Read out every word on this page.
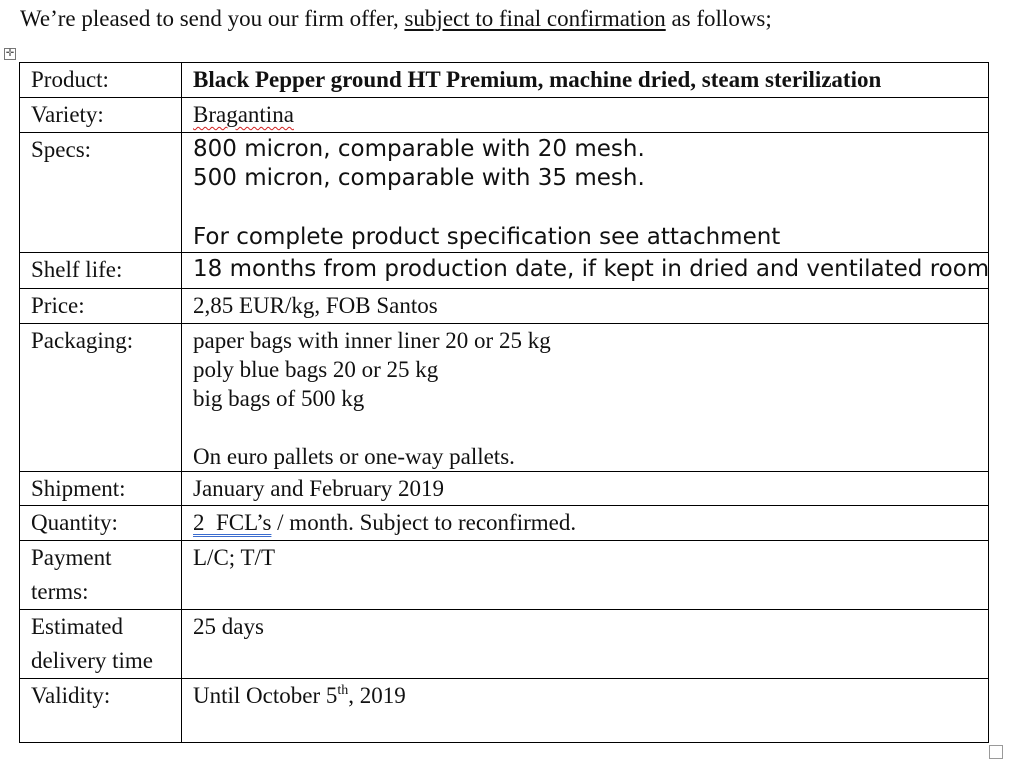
We’re pleased to send you our firm offer, subject to final confirmation as follows;
✛
Product:	Black Pepper ground HT Premium, machine dried, steam sterilization
Variety:	Bragantina
Specs:	800 micron, comparable with 20 mesh.
500 micron, comparable with 35 mesh.
For complete product specification see attachment

Shelf life:	18 months from production date, if kept in dried and ventilated room
Price:	2,85 EUR/kg, FOB Santos
Packaging:	paper bags with inner liner 20 or 25 kg
poly blue bags 20 or 25 kg
big bags of 500 kg
On euro pallets or one-way pallets.

Shipment:	January and February 2019
Quantity:	2  FCL’s / month. Subject to reconfirmed.

Payment
terms:	L/C; T/T

Estimated
delivery time	25 days
Validity:	Until October 5th, 2019
